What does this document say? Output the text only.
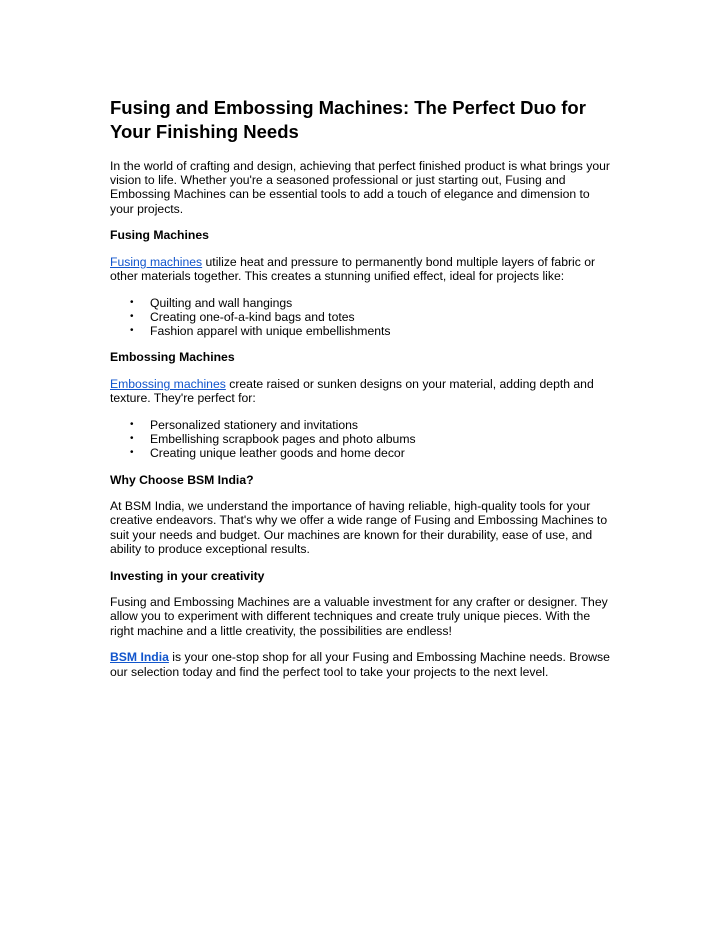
Fusing and Embossing Machines: The Perfect Duo for Your Finishing Needs

In the world of crafting and design, achieving that perfect finished product is what brings your vision to life. Whether you're a seasoned professional or just starting out, Fusing and Embossing Machines can be essential tools to add a touch of elegance and dimension to your projects.

Fusing Machines

Fusing machines utilize heat and pressure to permanently bond multiple layers of fabric or other materials together. This creates a stunning unified effect, ideal for projects like:

• Quilting and wall hangings
• Creating one-of-a-kind bags and totes
• Fashion apparel with unique embellishments

Embossing Machines

Embossing machines create raised or sunken designs on your material, adding depth and texture. They're perfect for:

• Personalized stationery and invitations
• Embellishing scrapbook pages and photo albums
• Creating unique leather goods and home decor

Why Choose BSM India?

At BSM India, we understand the importance of having reliable, high-quality tools for your creative endeavors. That's why we offer a wide range of Fusing and Embossing Machines to suit your needs and budget. Our machines are known for their durability, ease of use, and ability to produce exceptional results.

Investing in your creativity

Fusing and Embossing Machines are a valuable investment for any crafter or designer. They allow you to experiment with different techniques and create truly unique pieces. With the right machine and a little creativity, the possibilities are endless!

BSM India is your one-stop shop for all your Fusing and Embossing Machine needs. Browse our selection today and find the perfect tool to take your projects to the next level.
